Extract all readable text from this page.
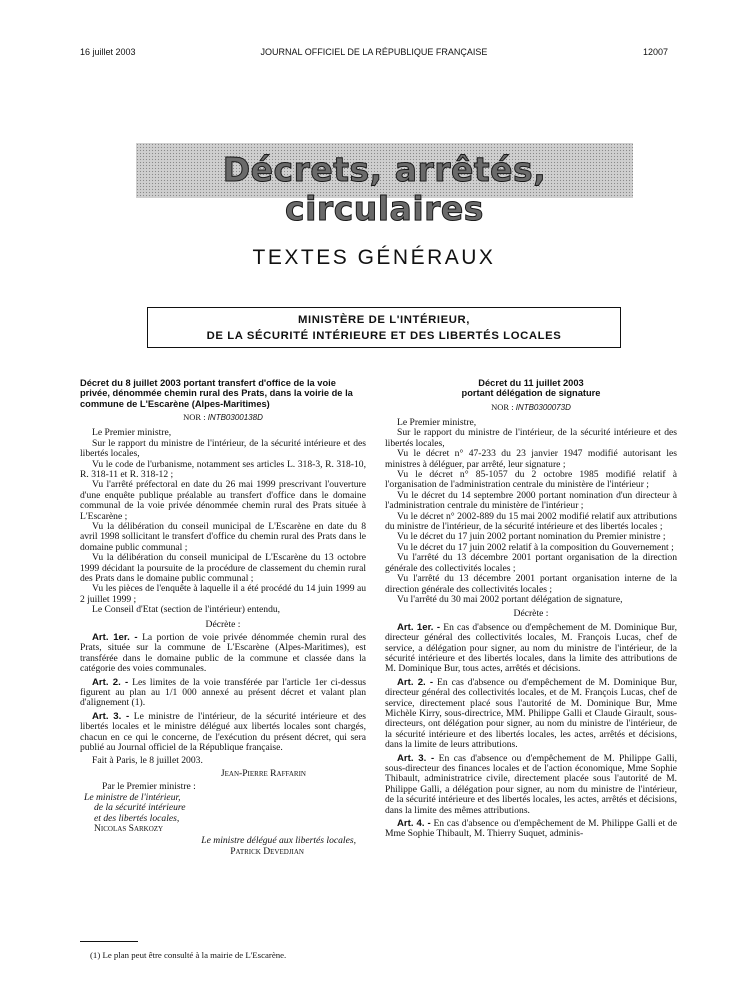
16 juillet 2003	JOURNAL OFFICIEL DE LA RÉPUBLIQUE FRANÇAISE	12007
Décrets, arrêtés, circulaires
TEXTES GÉNÉRAUX
MINISTÈRE DE L'INTÉRIEUR,
DE LA SÉCURITÉ INTÉRIEURE ET DES LIBERTÉS LOCALES
Décret du 8 juillet 2003 portant transfert d'office de la voie privée, dénommée chemin rural des Prats, dans la voirie de la commune de L'Escarène (Alpes-Maritimes)
NOR : INTB0300138D

Le Premier ministre,

Sur le rapport du ministre de l'intérieur, de la sécurité intérieure et des libertés locales,

Vu le code de l'urbanisme, notamment ses articles L. 318-3, R. 318-10, R. 318-11 et R. 318-12 ;

Vu l'arrêté préfectoral en date du 26 mai 1999 prescrivant l'ouverture d'une enquête publique préalable au transfert d'office dans le domaine communal de la voie privée dénommée chemin rural des Prats située à L'Escarène ;

Vu la délibération du conseil municipal de L'Escarène en date du 8 avril 1998 sollicitant le transfert d'office du chemin rural des Prats dans le domaine public communal ;

Vu la délibération du conseil municipal de L'Escarène du 13 octobre 1999 décidant la poursuite de la procédure de classement du chemin rural des Prats dans le domaine public communal ;

Vu les pièces de l'enquête à laquelle il a été procédé du 14 juin 1999 au 2 juillet 1999 ;

Le Conseil d'Etat (section de l'intérieur) entendu,

Décrète :

Art. 1er. - La portion de voie privée dénommée chemin rural des Prats, située sur la commune de L'Escarène (Alpes-Maritimes), est transférée dans le domaine public de la commune et classée dans la catégorie des voies communales.

Art. 2. - Les limites de la voie transférée par l'article 1er ci-dessus figurent au plan au 1/1 000 annexé au présent décret et valant plan d'alignement (1).

Art. 3. - Le ministre de l'intérieur, de la sécurité intérieure et des libertés locales et le ministre délégué aux libertés locales sont chargés, chacun en ce qui le concerne, de l'exécution du présent décret, qui sera publié au Journal officiel de la République française.

Fait à Paris, le 8 juillet 2003.

Jean-Pierre Raffarin

Par le Premier ministre :

Le ministre de l'intérieur,

de la sécurité intérieure

et des libertés locales,

Nicolas Sarkozy

Le ministre délégué aux libertés locales,

Patrick Devedjian

(1) Le plan peut être consulté à la mairie de L'Escarène.
Décret du 11 juillet 2003
portant délégation de signature
NOR : INTB0300073D

Le Premier ministre,

Sur le rapport du ministre de l'intérieur, de la sécurité intérieure et des libertés locales,

Vu le décret n° 47-233 du 23 janvier 1947 modifié autorisant les ministres à déléguer, par arrêté, leur signature ;

Vu le décret n° 85-1057 du 2 octobre 1985 modifié relatif à l'organisation de l'administration centrale du ministère de l'intérieur ;

Vu le décret du 14 septembre 2000 portant nomination d'un directeur à l'administration centrale du ministère de l'intérieur ;

Vu le décret n° 2002-889 du 15 mai 2002 modifié relatif aux attributions du ministre de l'intérieur, de la sécurité intérieure et des libertés locales ;

Vu le décret du 17 juin 2002 portant nomination du Premier ministre ;

Vu le décret du 17 juin 2002 relatif à la composition du Gouvernement ;

Vu l'arrêté du 13 décembre 2001 portant organisation de la direction générale des collectivités locales ;

Vu l'arrêté du 13 décembre 2001 portant organisation interne de la direction générale des collectivités locales ;

Vu l'arrêté du 30 mai 2002 portant délégation de signature,

Décrète :

Art. 1er. - En cas d'absence ou d'empêchement de M. Dominique Bur, directeur général des collectivités locales, M. François Lucas, chef de service, a délégation pour signer, au nom du ministre de l'intérieur, de la sécurité intérieure et des libertés locales, dans la limite des attributions de M. Dominique Bur, tous actes, arrêtés et décisions.

Art. 2. - En cas d'absence ou d'empêchement de M. Dominique Bur, directeur général des collectivités locales, et de M. François Lucas, chef de service, directement placé sous l'autorité de M. Dominique Bur, Mme Michèle Kirry, sous-directrice, MM. Philippe Galli et Claude Girault, sous-directeurs, ont délégation pour signer, au nom du ministre de l'intérieur, de la sécurité intérieure et des libertés locales, les actes, arrêtés et décisions, dans la limite de leurs attributions.

Art. 3. - En cas d'absence ou d'empêchement de M. Philippe Galli, sous-directeur des finances locales et de l'action économique, Mme Sophie Thibault, administratrice civile, directement placée sous l'autorité de M. Philippe Galli, a délégation pour signer, au nom du ministre de l'intérieur, de la sécurité intérieure et des libertés locales, les actes, arrêtés et décisions, dans la limite des mêmes attributions.

Art. 4. - En cas d'absence ou d'empêchement de M. Philippe Galli et de Mme Sophie Thibault, M. Thierry Suquet, adminis-
